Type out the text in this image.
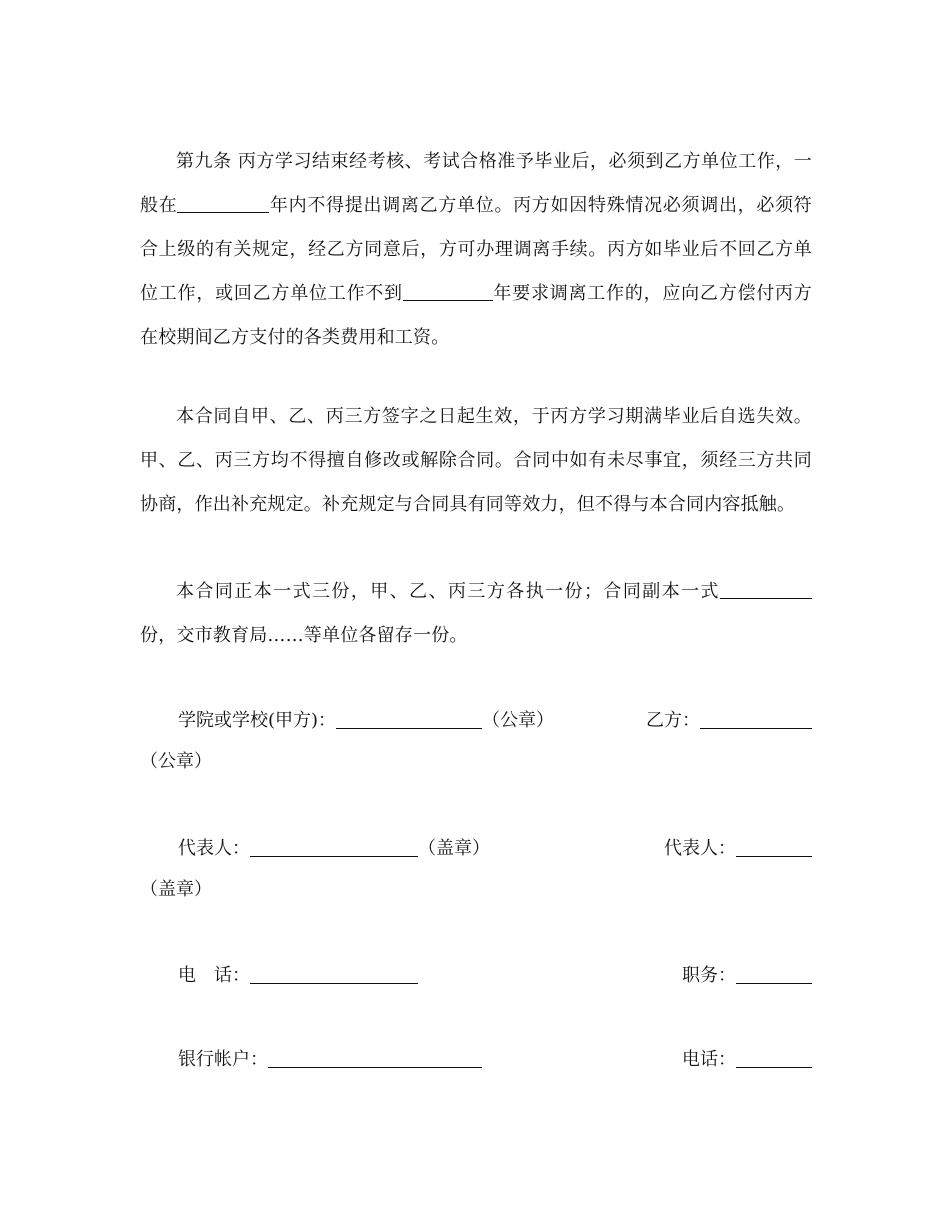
第九条 丙方学习结束经考核、考试合格准予毕业后，必须到乙方单位工作，一般在	年内不得提出调离乙方单位。丙方如因特殊情况必须调出，必须符合上级的有关规定，经乙方同意后，方可办理调离手续。丙方如毕业后不回乙方单位工作，或回乙方单位工作不到	年要求调离工作的，应向乙方偿付丙方在校期间乙方支付的各类费用和工资。

本合同自甲、乙、丙三方签字之日起生效，于丙方学习期满毕业后自选失效。甲、乙、丙三方均不得擅自修改或解除合同。合同中如有未尽事宜，须经三方共同协商，作出补充规定。补充规定与合同具有同等效力，但不得与本合同内容抵触。

本合同正本一式三份，甲、乙、丙三方各执一份；合同副本一式份，交市教育局……等单位各留存一份。

学院或学校(甲方)：	（公章）	乙方：
（公章）
代表人：	（盖章）	代表人：
（盖章）
电　话：	职务：
银行帐户：	电话：
